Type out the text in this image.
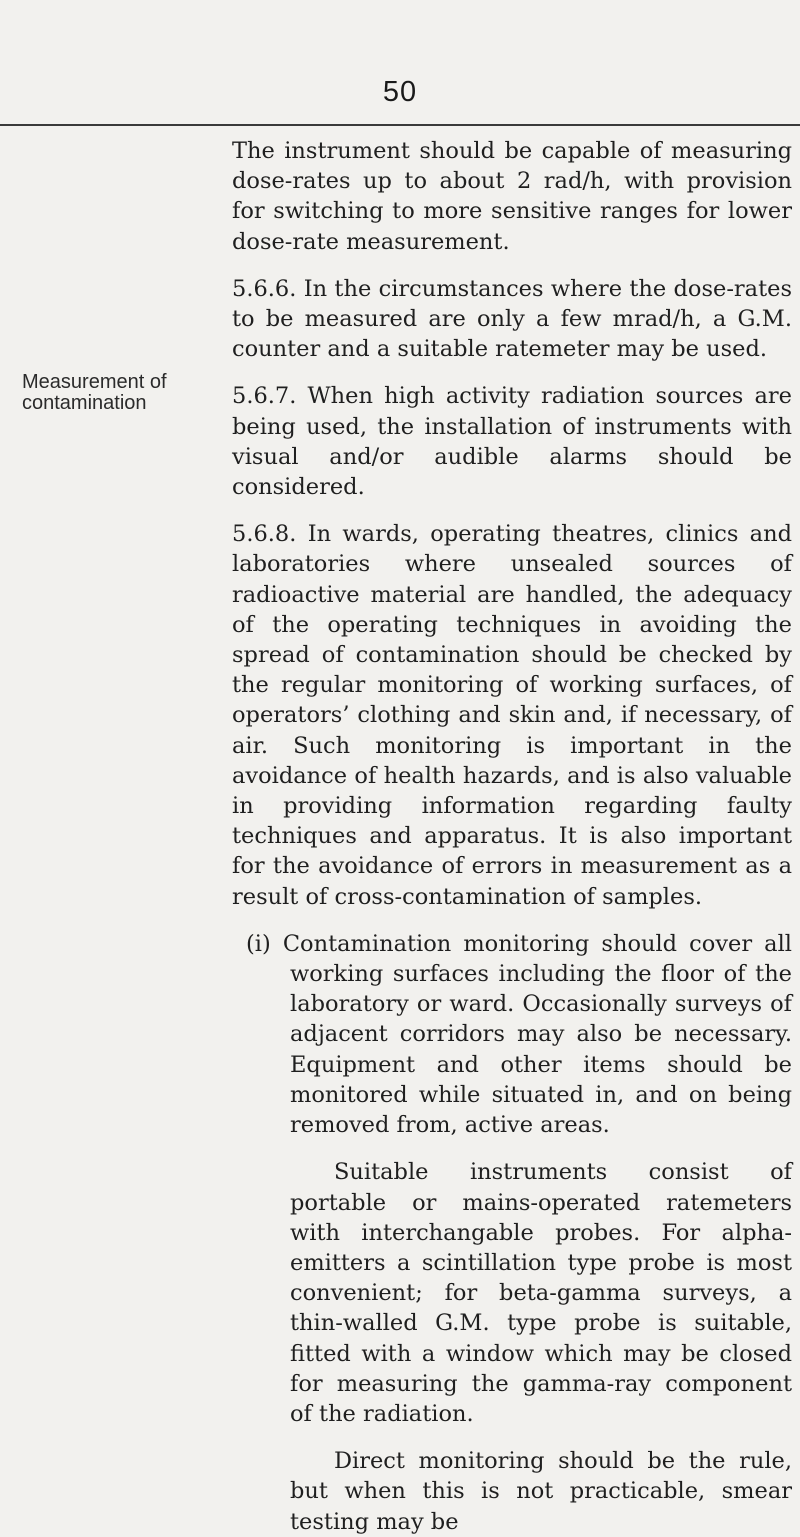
50
Measurement of
contamination

The instrument should be capable of measuring dose-rates up to about 2 rad/h, with provision for switching to more sensitive ranges for lower dose-rate measurement.

5.6.6. In the circumstances where the dose-rates to be measured are only a few mrad/h, a G.M. counter and a suitable ratemeter may be used.

5.6.7. When high activity radiation sources are being used, the installation of instruments with visual and/or audible alarms should be considered.

5.6.8. In wards, operating theatres, clinics and laboratories where unsealed sources of radioactive material are handled, the adequacy of the operating techniques in avoiding the spread of contamination should be checked by the regular monitoring of working surfaces, of operators’ clothing and skin and, if necessary, of air. Such monitoring is important in the avoidance of health hazards, and is also valuable in providing information regarding faulty techniques and apparatus. It is also important for the avoidance of errors in measurement as a result of cross-contamination of samples.

(i) Contamination monitoring should cover all working surfaces including the floor of the laboratory or ward. Occasionally surveys of adjacent corridors may also be necessary. Equipment and other items should be monitored while situated in, and on being removed from, active areas.

Suitable instruments consist of portable or mains-operated ratemeters with interchangable probes. For alpha-emitters a scintillation type probe is most convenient; for beta-gamma surveys, a thin-walled G.M. type probe is suitable, fitted with a window which may be closed for measuring the gamma-ray component of the radiation.

Direct monitoring should be the rule, but when this is not practicable, smear testing may be
